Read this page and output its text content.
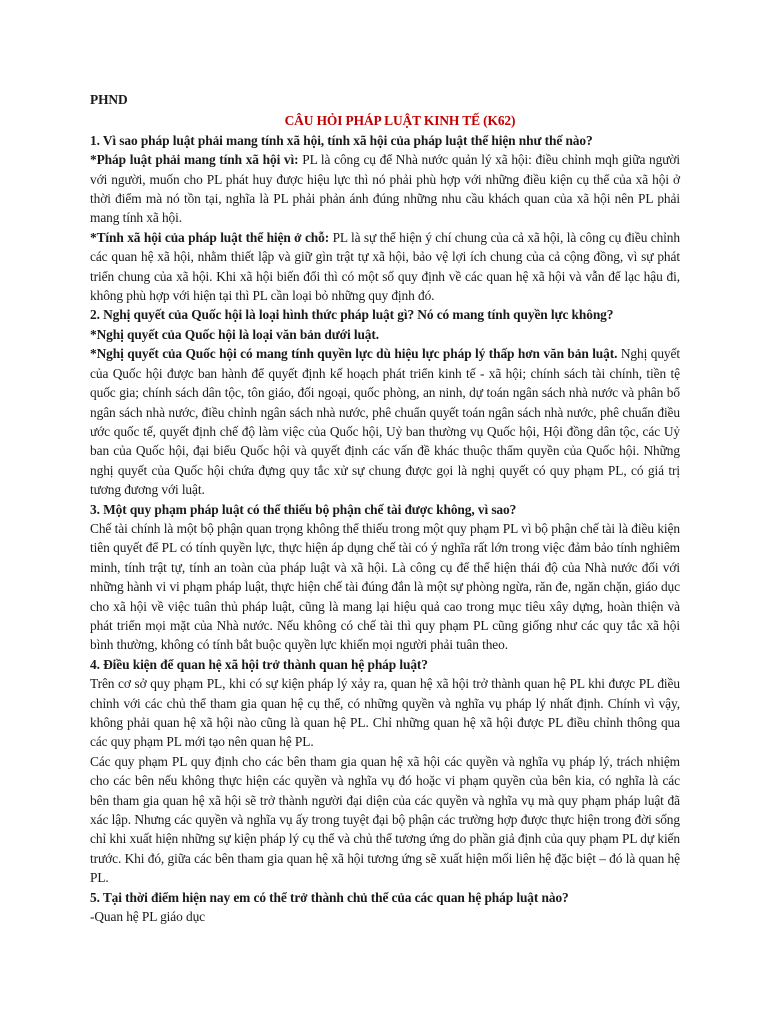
PHND

CÂU HỎI PHÁP LUẬT KINH TẾ (K62)

1. Vì sao pháp luật phải mang tính xã hội, tính xã hội của pháp luật thể hiện như thế nào?

*Pháp luật phải mang tính xã hội vì: PL là công cụ để Nhà nước quản lý xã hội: điều chỉnh mqh giữa người với người, muốn cho PL phát huy được hiệu lực thì nó phải phù hợp với những điều kiện cụ thể của xã hội ở thời điểm mà nó tồn tại, nghĩa là PL phải phản ánh đúng những nhu cầu khách quan của xã hội nên PL phải mang tính xã hội.

*Tính xã hội của pháp luật thể hiện ở chỗ: PL là sự thể hiện ý chí chung của cả xã hội, là công cụ điều chỉnh các quan hệ xã hội, nhằm thiết lập và giữ gìn trật tự xã hội, bảo vệ lợi ích chung của cả cộng đồng, vì sự phát triển chung của xã hội. Khi xã hội biến đổi thì có một số quy định về các quan hệ xã hội và vẫn để lạc hậu đi, không phù hợp với hiện tại thì PL cần loại bỏ những quy định đó.

2. Nghị quyết của Quốc hội là loại hình thức pháp luật gì? Nó có mang tính quyền lực không?

*Nghị quyết của Quốc hội là loại văn bản dưới luật.

*Nghị quyết của Quốc hội có mang tính quyền lực dù hiệu lực pháp lý thấp hơn văn bản luật. Nghị quyết của Quốc hội được ban hành để quyết định kế hoạch phát triển kinh tế - xã hội; chính sách tài chính, tiền tệ quốc gia; chính sách dân tộc, tôn giáo, đối ngoại, quốc phòng, an ninh, dự toán ngân sách nhà nước và phân bổ ngân sách nhà nước, điều chỉnh ngân sách nhà nước, phê chuẩn quyết toán ngân sách nhà nước, phê chuẩn điều ước quốc tế, quyết định chế độ làm việc của Quốc hội, Uỷ ban thường vụ Quốc hội, Hội đồng dân tộc, các Uỷ ban của Quốc hội, đại biểu Quốc hội và quyết định các vấn đề khác thuộc thẩm quyền của Quốc hội. Những nghị quyết của Quốc hội chứa đựng quy tắc xử sự chung được gọi là nghị quyết có quy phạm PL, có giá trị tương đương với luật.

3. Một quy phạm pháp luật có thể thiếu bộ phận chế tài được không, vì sao?

Chế tài chính là một bộ phận quan trọng không thể thiếu trong một quy phạm PL vì bộ phận chế tài là điều kiện tiên quyết để PL có tính quyền lực, thực hiện áp dụng chế tài có ý nghĩa rất lớn trong việc đảm bảo tính nghiêm minh, tính trật tự, tính an toàn của pháp luật và xã hội. Là công cụ để thể hiện thái độ của Nhà nước đối với những hành vi vi phạm pháp luật, thực hiện chế tài đúng đắn là một sự phòng ngừa, răn đe, ngăn chặn, giáo dục cho xã hội về việc tuân thủ pháp luật, cũng là mang lại hiệu quả cao trong mục tiêu xây dựng, hoàn thiện và phát triển mọi mặt của Nhà nước. Nếu không có chế tài thì quy phạm PL cũng giống như các quy tắc xã hội bình thường, không có tính bắt buộc quyền lực khiến mọi người phải tuân theo.

4. Điều kiện để quan hệ xã hội trở thành quan hệ pháp luật?

Trên cơ sở quy phạm PL, khi có sự kiện pháp lý xảy ra, quan hệ xã hội trở thành quan hệ PL khi được PL điều chỉnh với các chủ thể tham gia quan hệ cụ thể, có những quyền và nghĩa vụ pháp lý nhất định. Chính vì vậy, không phải quan hệ xã hội nào cũng là quan hệ PL. Chỉ những quan hệ xã hội được PL điều chỉnh thông qua các quy phạm PL mới tạo nên quan hệ PL.

Các quy phạm PL quy định cho các bên tham gia quan hệ xã hội các quyền và nghĩa vụ pháp lý, trách nhiệm cho các bên nếu không thực hiện các quyền và nghĩa vụ đó hoặc vi phạm quyền của bên kia, có nghĩa là các bên tham gia quan hệ xã hội sẽ trở thành người đại diện của các quyền và nghĩa vụ mà quy phạm pháp luật đã xác lập. Nhưng các quyền và nghĩa vụ ấy trong tuyệt đại bộ phận các trường hợp được thực hiện trong đời sống chỉ khi xuất hiện những sự kiện pháp lý cụ thể và chủ thể tương ứng do phần giả định của quy phạm PL dự kiến trước. Khi đó, giữa các bên tham gia quan hệ xã hội tương ứng sẽ xuất hiện mối liên hệ đặc biệt – đó là quan hệ PL.

5. Tại thời điểm hiện nay em có thể trở thành chủ thể của các quan hệ pháp luật nào?

-Quan hệ PL giáo dục
